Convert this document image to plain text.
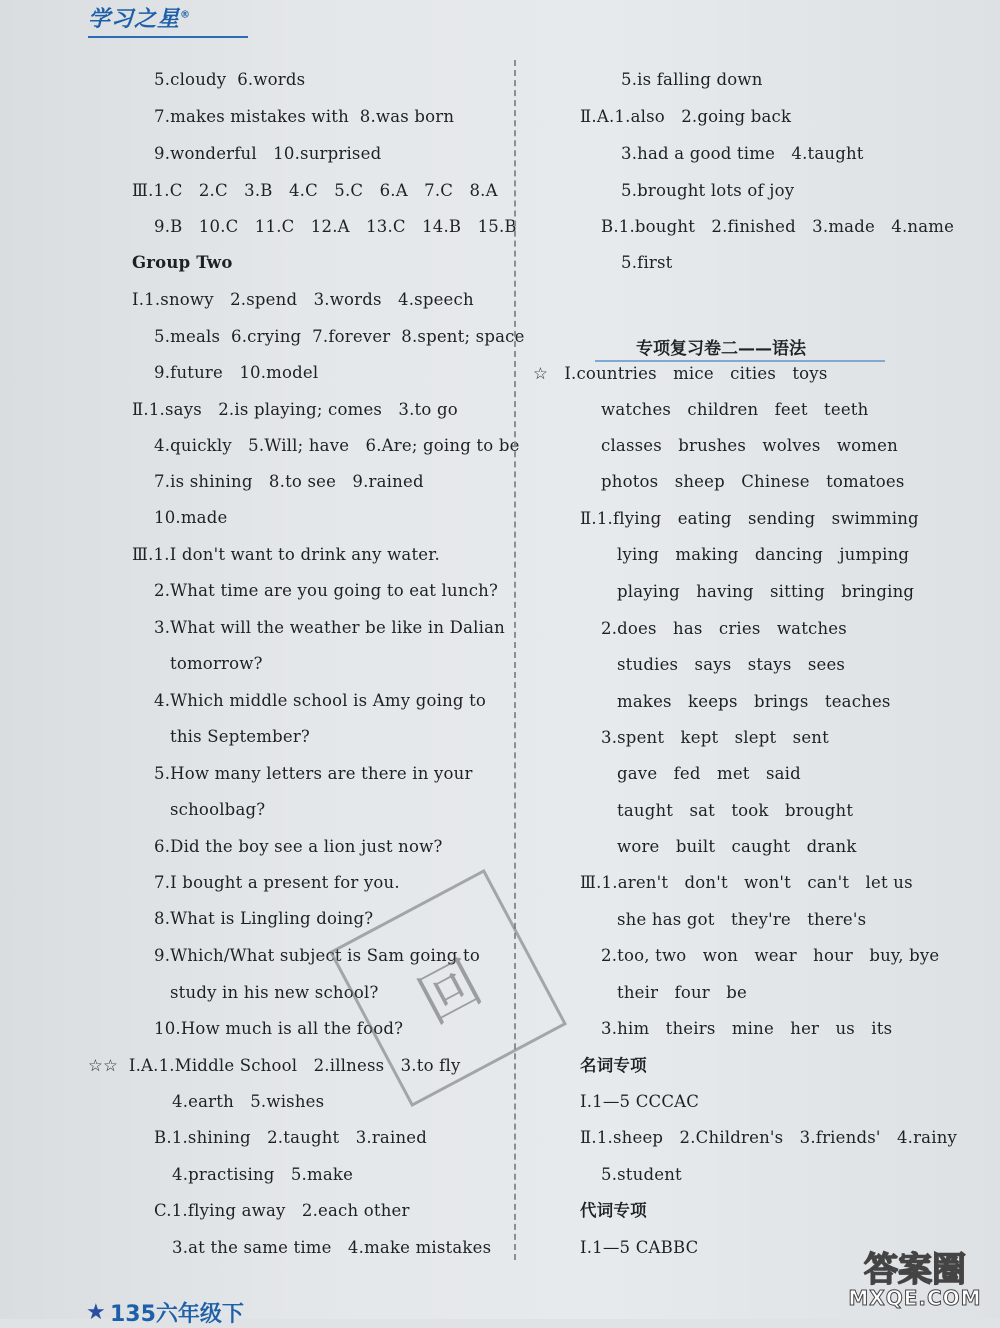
学习之星®
5.cloudy  6.words
7.makes mistakes with  8.was born
9.wonderful   10.surprised
Ⅲ.1.C   2.C   3.B   4.C   5.C   6.A   7.C   8.A
9.B   10.C   11.C   12.A   13.C   14.B   15.B
Group Two
Ⅰ.1.snowy   2.spend   3.words   4.speech
5.meals  6.crying  7.forever  8.spent; space
9.future   10.model
Ⅱ.1.says   2.is playing; comes   3.to go
4.quickly   5.Will; have   6.Are; going to be
7.is shining   8.to see   9.rained
10.made
Ⅲ.1.I don't want to drink any water.
2.What time are you going to eat lunch?
3.What will the weather be like in Dalian
tomorrow?
4.Which middle school is Amy going to
this September?
5.How many letters are there in your
schoolbag?
6.Did the boy see a lion just now?
7.I bought a present for you.
8.What is Lingling doing?
9.Which/What subject is Sam going to
study in his new school?
10.How much is all the food?
☆☆  Ⅰ.A.1.Middle School   2.illness   3.to fly
4.earth   5.wishes
B.1.shining   2.taught   3.rained
4.practising   5.make
C.1.flying away   2.each other
3.at the same time   4.make mistakes
5.is falling down
Ⅱ.A.1.also   2.going back
3.had a good time   4.taught
5.brought lots of joy
B.1.bought   2.finished   3.made   4.name
5.first
☆   Ⅰ.countries   mice   cities   toys
watches   children   feet   teeth
classes   brushes   wolves   women
photos   sheep   Chinese   tomatoes
Ⅱ.1.flying   eating   sending   swimming
lying   making   dancing   jumping
playing   having   sitting   bringing
2.does   has   cries   watches
studies   says   stays   sees
makes   keeps   brings   teaches
3.spent   kept   slept   sent
gave   fed   met   said
taught   sat   took   brought
wore   built   caught   drank
Ⅲ.1.aren't   don't   won't   can't   let us
she has got   they're   there's
2.too, two   won   wear   hour   buy, bye
their   four   be
3.him   theirs   mine   her   us   its
名词专项
Ⅰ.1—5 CCCAC
Ⅱ.1.sheep   2.Children's   3.friends'   4.rainy
5.student
代词专项
Ⅰ.1—5 CABBC
专项复习卷二——语法
回
★ 135六年级下
答案圈
MXQE.COM
